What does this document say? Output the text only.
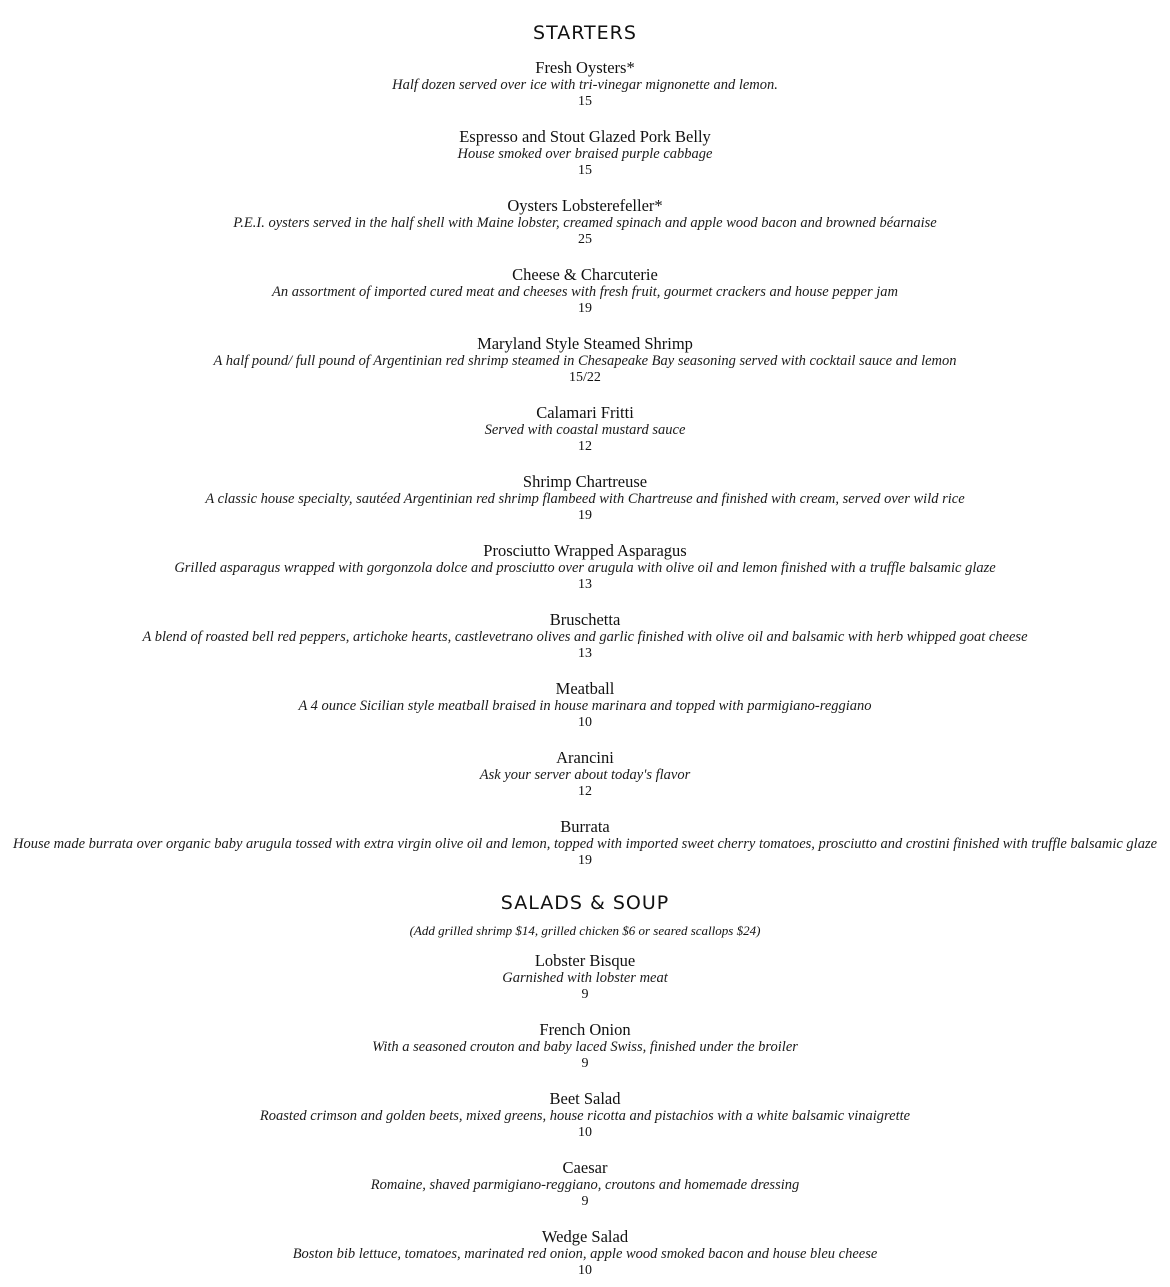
STARTERS
Fresh Oysters*
Half dozen served over ice with tri-vinegar mignonette and lemon.
15
Espresso and Stout Glazed Pork Belly
House smoked over braised purple cabbage
15
Oysters Lobsterefeller*
P.E.I. oysters served in the half shell with Maine lobster, creamed spinach and apple wood bacon and browned béarnaise
25
Cheese & Charcuterie
An assortment of imported cured meat and cheeses with fresh fruit, gourmet crackers and house pepper jam
19
Maryland Style Steamed Shrimp
A half pound/ full pound of Argentinian red shrimp steamed in Chesapeake Bay seasoning served with cocktail sauce and lemon
15/22
Calamari Fritti
Served with coastal mustard sauce
12
Shrimp Chartreuse
A classic house specialty, sautéed Argentinian red shrimp flambeed with Chartreuse and finished with cream, served over wild rice
19
Prosciutto Wrapped Asparagus
Grilled asparagus wrapped with gorgonzola dolce and prosciutto over arugula with olive oil and lemon finished with a truffle balsamic glaze
13
Bruschetta
A blend of roasted bell red peppers, artichoke hearts, castlevetrano olives and garlic finished with olive oil and balsamic with herb whipped goat cheese
13
Meatball
A 4 ounce Sicilian style meatball braised in house marinara and topped with parmigiano-reggiano
10
Arancini
Ask your server about today's flavor
12
Burrata
House made burrata over organic baby arugula tossed with extra virgin olive oil and lemon, topped with imported sweet cherry tomatoes, prosciutto and crostini finished with truffle balsamic glaze
19
SALADS & SOUP

(Add grilled shrimp $14, grilled chicken $6 or seared scallops $24)

Lobster Bisque
Garnished with lobster meat
9
French Onion
With a seasoned crouton and baby laced Swiss, finished under the broiler
9
Beet Salad
Roasted crimson and golden beets, mixed greens, house ricotta and pistachios with a white balsamic vinaigrette
10
Caesar
Romaine, shaved parmigiano-reggiano, croutons and homemade dressing
9
Wedge Salad
Boston bib lettuce, tomatoes, marinated red onion, apple wood smoked bacon and house bleu cheese
10
